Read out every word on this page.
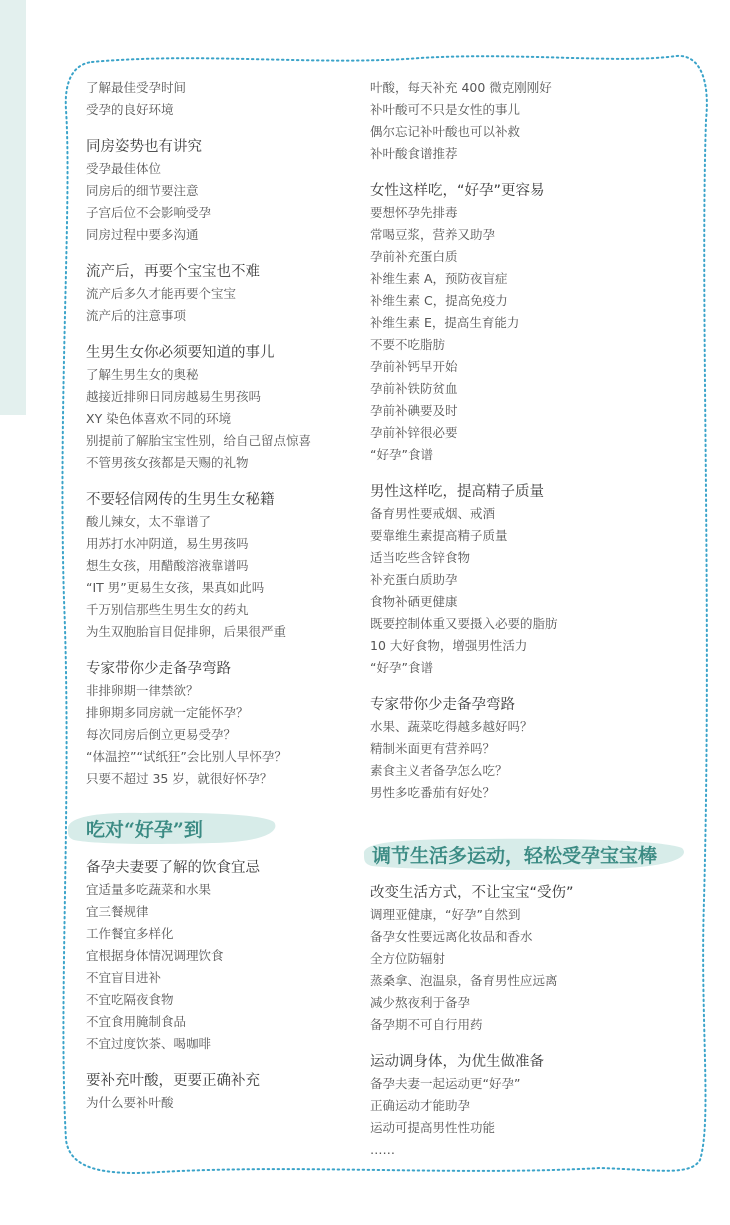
了解最佳受孕时间
受孕的良好环境
同房姿势也有讲究
受孕最佳体位
同房后的细节要注意
子宫后位不会影响受孕
同房过程中要多沟通
流产后，再要个宝宝也不难
流产后多久才能再要个宝宝
流产后的注意事项
生男生女你必须要知道的事儿
了解生男生女的奥秘
越接近排卵日同房越易生男孩吗
XY 染色体喜欢不同的环境
别提前了解胎宝宝性别，给自己留点惊喜
不管男孩女孩都是天赐的礼物
不要轻信网传的生男生女秘籍
酸儿辣女，太不靠谱了
用苏打水冲阴道，易生男孩吗
想生女孩，用醋酸溶液靠谱吗
“IT 男”更易生女孩，果真如此吗
千万别信那些生男生女的药丸
为生双胞胎盲目促排卵，后果很严重
专家带你少走备孕弯路
非排卵期一律禁欲？
排卵期多同房就一定能怀孕？
每次同房后倒立更易受孕？
“体温控”“试纸狂”会比别人早怀孕？
只要不超过 35 岁，就很好怀孕？
叶酸，每天补充 400 微克刚刚好
补叶酸可不只是女性的事儿
偶尔忘记补叶酸也可以补救
补叶酸食谱推荐
女性这样吃，“好孕”更容易
要想怀孕先排毒
常喝豆浆，营养又助孕
孕前补充蛋白质
补维生素 A，预防夜盲症
补维生素 C，提高免疫力
补维生素 E，提高生育能力
不要不吃脂肪
孕前补钙早开始
孕前补铁防贫血
孕前补碘要及时
孕前补锌很必要
“好孕”食谱
男性这样吃，提高精子质量
备育男性要戒烟、戒酒
要靠维生素提高精子质量
适当吃些含锌食物
补充蛋白质助孕
食物补硒更健康
既要控制体重又要摄入必要的脂肪
10 大好食物，增强男性活力
“好孕”食谱
专家带你少走备孕弯路
水果、蔬菜吃得越多越好吗？
精制米面更有营养吗？
素食主义者备孕怎么吃？
男性多吃番茄有好处？
吃对“好孕”到
备孕夫妻要了解的饮食宜忌
宜适量多吃蔬菜和水果
宜三餐规律
工作餐宜多样化
宜根据身体情况调理饮食
不宜盲目进补
不宜吃隔夜食物
不宜食用腌制食品
不宜过度饮茶、喝咖啡
要补充叶酸，更要正确补充
为什么要补叶酸
调节生活多运动，轻松受孕宝宝棒
改变生活方式，不让宝宝“受伤”
调理亚健康，“好孕”自然到
备孕女性要远离化妆品和香水
全方位防辐射
蒸桑拿、泡温泉，备育男性应远离
减少熬夜利于备孕
备孕期不可自行用药
运动调身体，为优生做准备
备孕夫妻一起运动更“好孕”
正确运动才能助孕
运动可提高男性性功能
……
